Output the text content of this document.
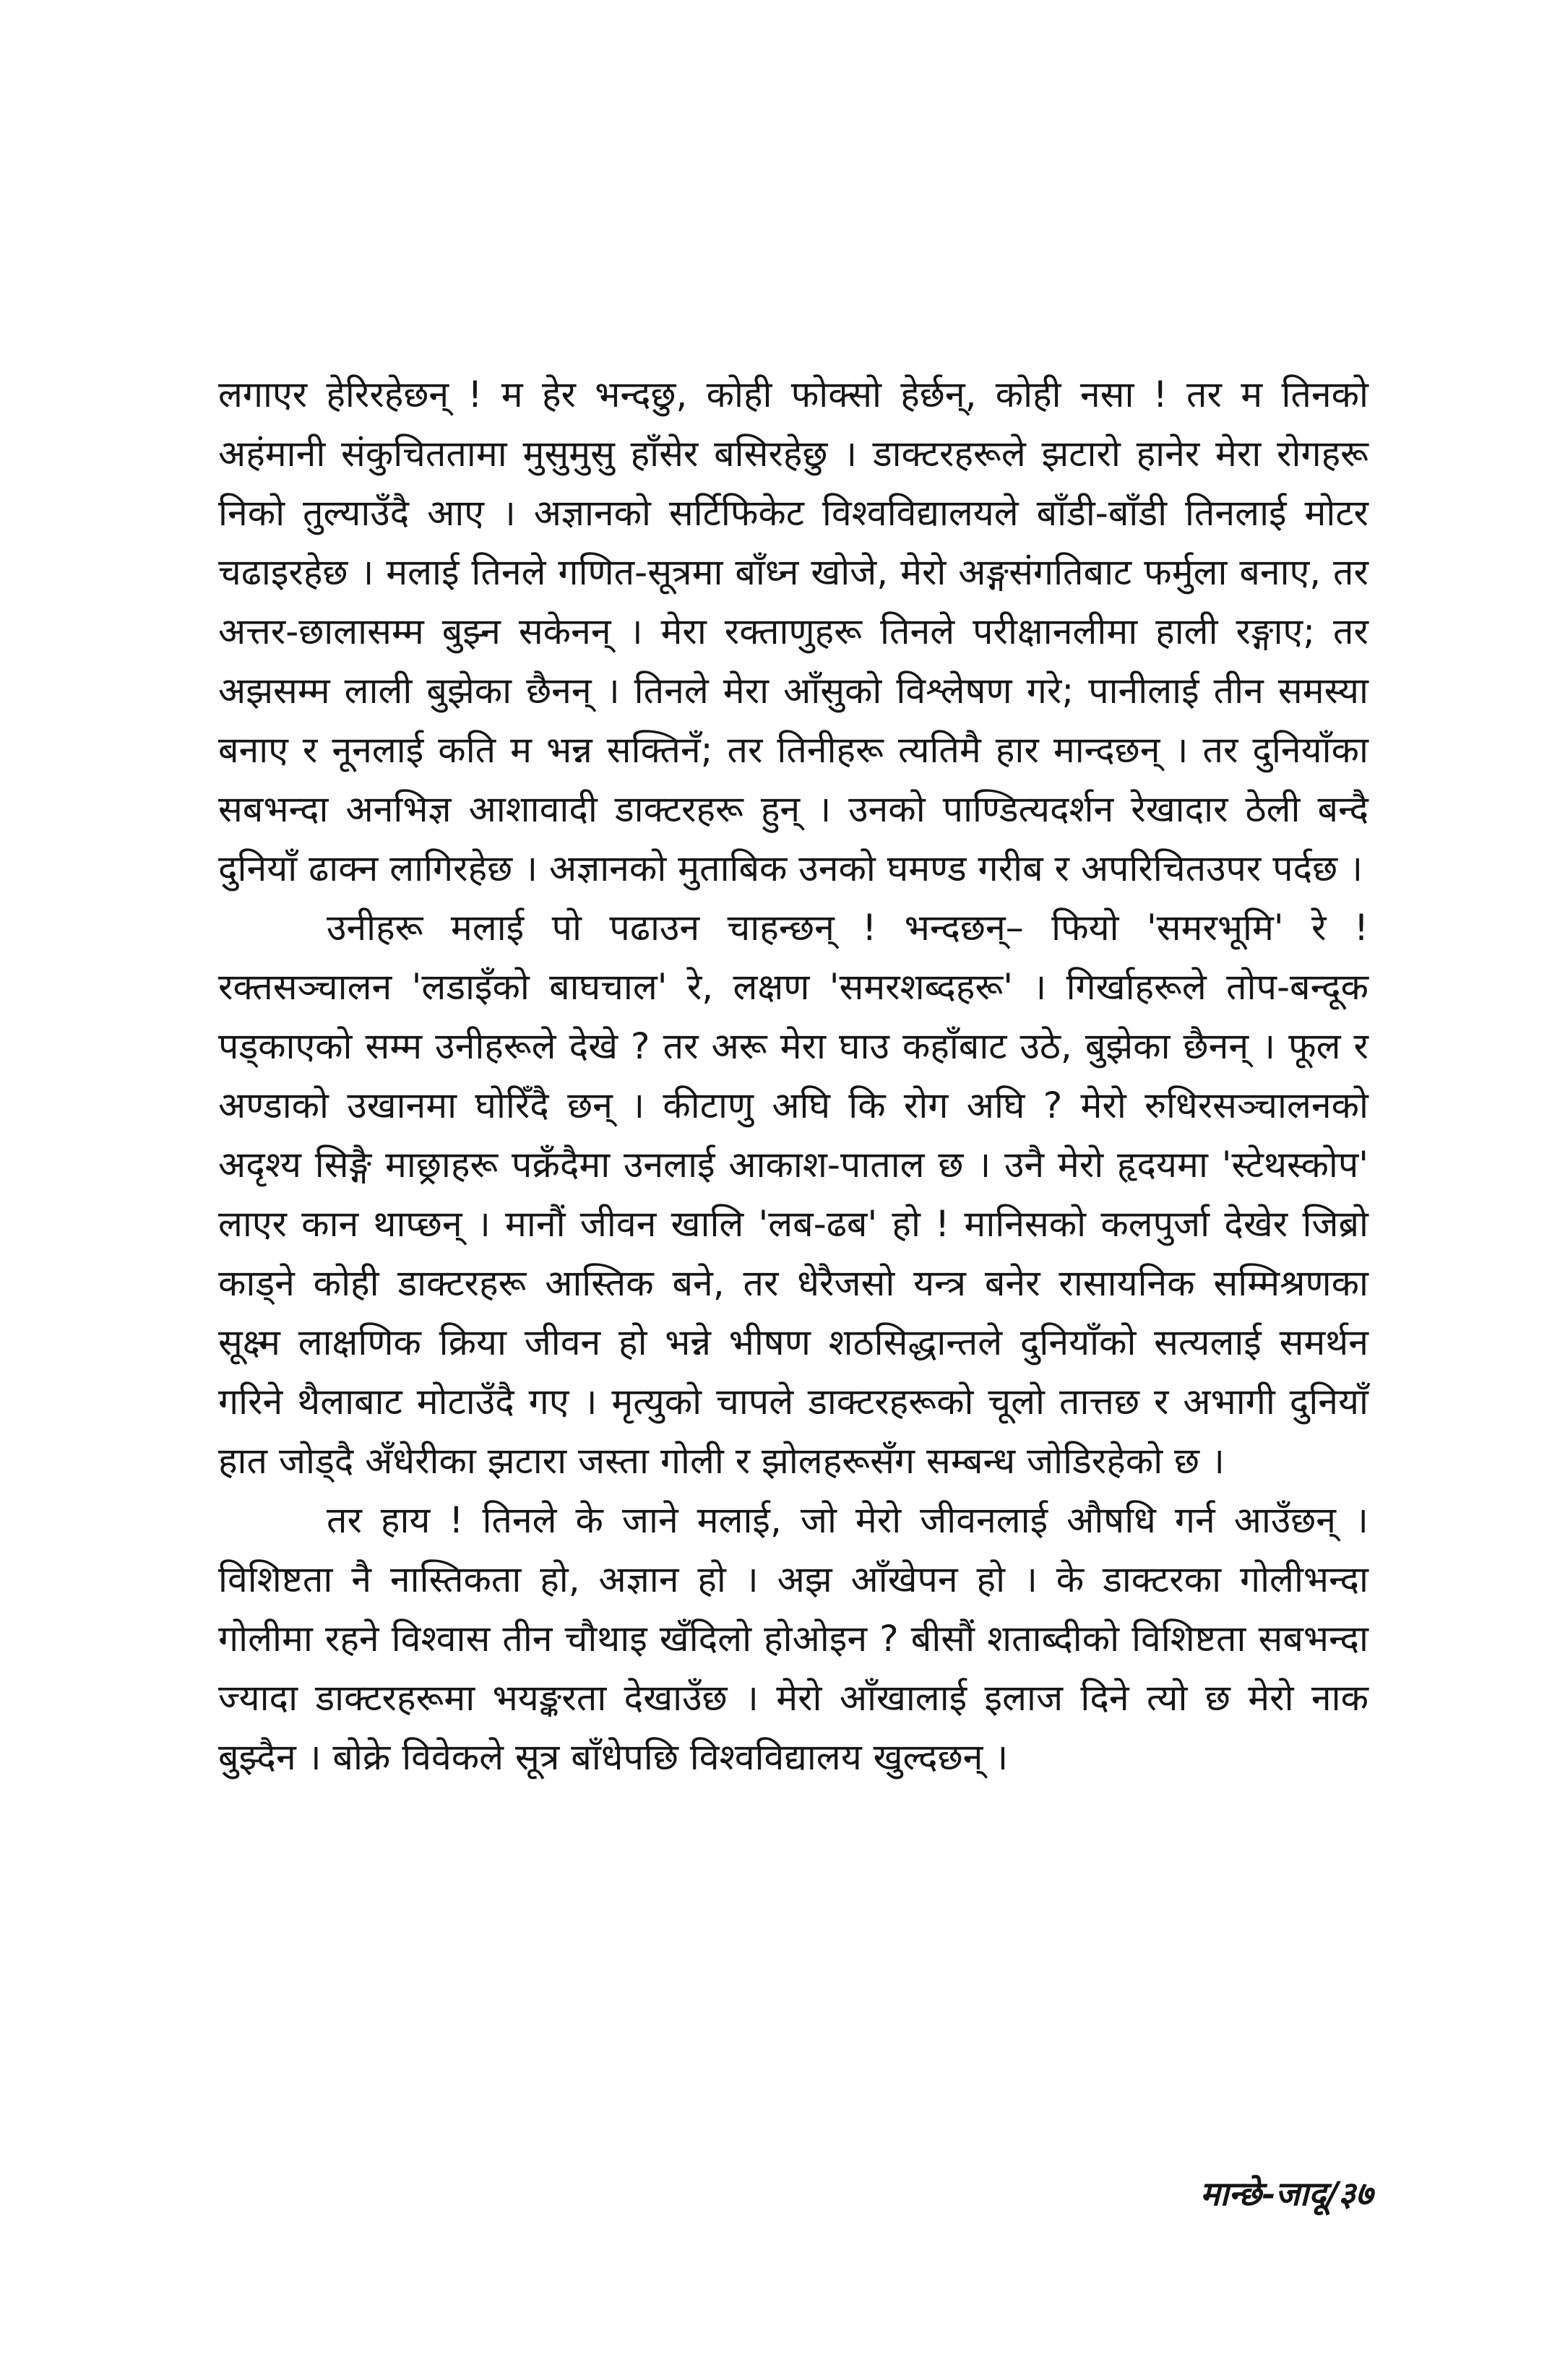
लगाएर हेरिरहेछन् ! म हेर भन्दछु, कोही फोक्सो हेर्छन्, कोही नसा ! तर म तिनको अहंमानी संकुचिततामा मुसुमुसु हाँसेर बसिरहेछु । डाक्टरहरूले झटारो हानेर मेरा रोगहरू निको तुल्याउँदै आए । अज्ञानको सर्टिफिकेट विश्वविद्यालयले बाँडी-बाँडी तिनलाई मोटर चढाइरहेछ । मलाई तिनले गणित-सूत्रमा बाँध्न खोजे, मेरो अङ्गसंगतिबाट फर्मुला बनाए, तर अत्तर-छालासम्म बुझ्न सकेनन् । मेरा रक्ताणुहरू तिनले परीक्षानलीमा हाली रङ्गाए; तर अझसम्म लाली बुझेका छैनन् । तिनले मेरा आँसुको विश्लेषण गरे; पानीलाई तीन समस्या बनाए र नूनलाई कति म भन्न सक्तिनँ; तर तिनीहरू त्यतिमै हार मान्दछन् । तर दुनियाँका सबभन्दा अनभिज्ञ आशावादी डाक्टरहरू हुन् । उनको पाण्डित्यदर्शन रेखादार ठेली बन्दै दुनियाँ ढाक्न लागिरहेछ । अज्ञानको मुताबिक उनको घमण्ड गरीब र अपरिचितउपर पर्दछ ।

उनीहरू मलाई पो पढाउन चाहन्छन् ! भन्दछन्– फियो 'समरभूमि' रे ! रक्तसञ्चालन 'लडाइँको बाघचाल' रे, लक्षण 'समरशब्दहरू' । गिर्खाहरूले तोप-बन्दूक पड्काएको सम्म उनीहरूले देखे ? तर अरू मेरा घाउ कहाँबाट उठे, बुझेका छैनन् । फूल र अण्डाको उखानमा घोरिँदै छन् । कीटाणु अघि कि रोग अघि ? मेरो रुधिरसञ्चालनको अदृश्य सिङ्गै माछ्राहरू पक्रँदैमा उनलाई आकाश-पाताल छ । उनै मेरो हृदयमा 'स्टेथस्कोप' लाएर कान थाप्छन् । मानौं जीवन खालि 'लब-ढब' हो ! मानिसको कलपुर्जा देखेर जिब्रो काड्ने कोही डाक्टरहरू आस्तिक बने, तर धेरैजसो यन्त्र बनेर रासायनिक सम्मिश्रणका सूक्ष्म लाक्षणिक क्रिया जीवन हो भन्ने भीषण शठसिद्धान्तले दुनियाँको सत्यलाई समर्थन गरिने थैलाबाट मोटाउँदै गए । मृत्युको चापले डाक्टरहरूको चूलो तात्तछ र अभागी दुनियाँ हात जोड्दै अँधेरीका झटारा जस्ता गोली र झोलहरूसँग सम्बन्ध जोडिरहेको छ ।

तर हाय ! तिनले के जाने मलाई, जो मेरो जीवनलाई औषधि गर्न आउँछन् । विशिष्टता नै नास्तिकता हो, अज्ञान हो । अझ आँखेपन हो । के डाक्टरका गोलीभन्दा गोलीमा रहने विश्वास तीन चौथाइ खँदिलो होओइन ? बीसौं शताब्दीको विशिष्टता सबभन्दा ज्यादा डाक्टरहरूमा भयङ्करता देखाउँछ । मेरो आँखालाई इलाज दिने त्यो छ मेरो नाक बुझ्दैन । बोक्रे विवेकले सूत्र बाँधेपछि विश्वविद्यालय खुल्दछन् ।

मान्छे-जादू/३७
